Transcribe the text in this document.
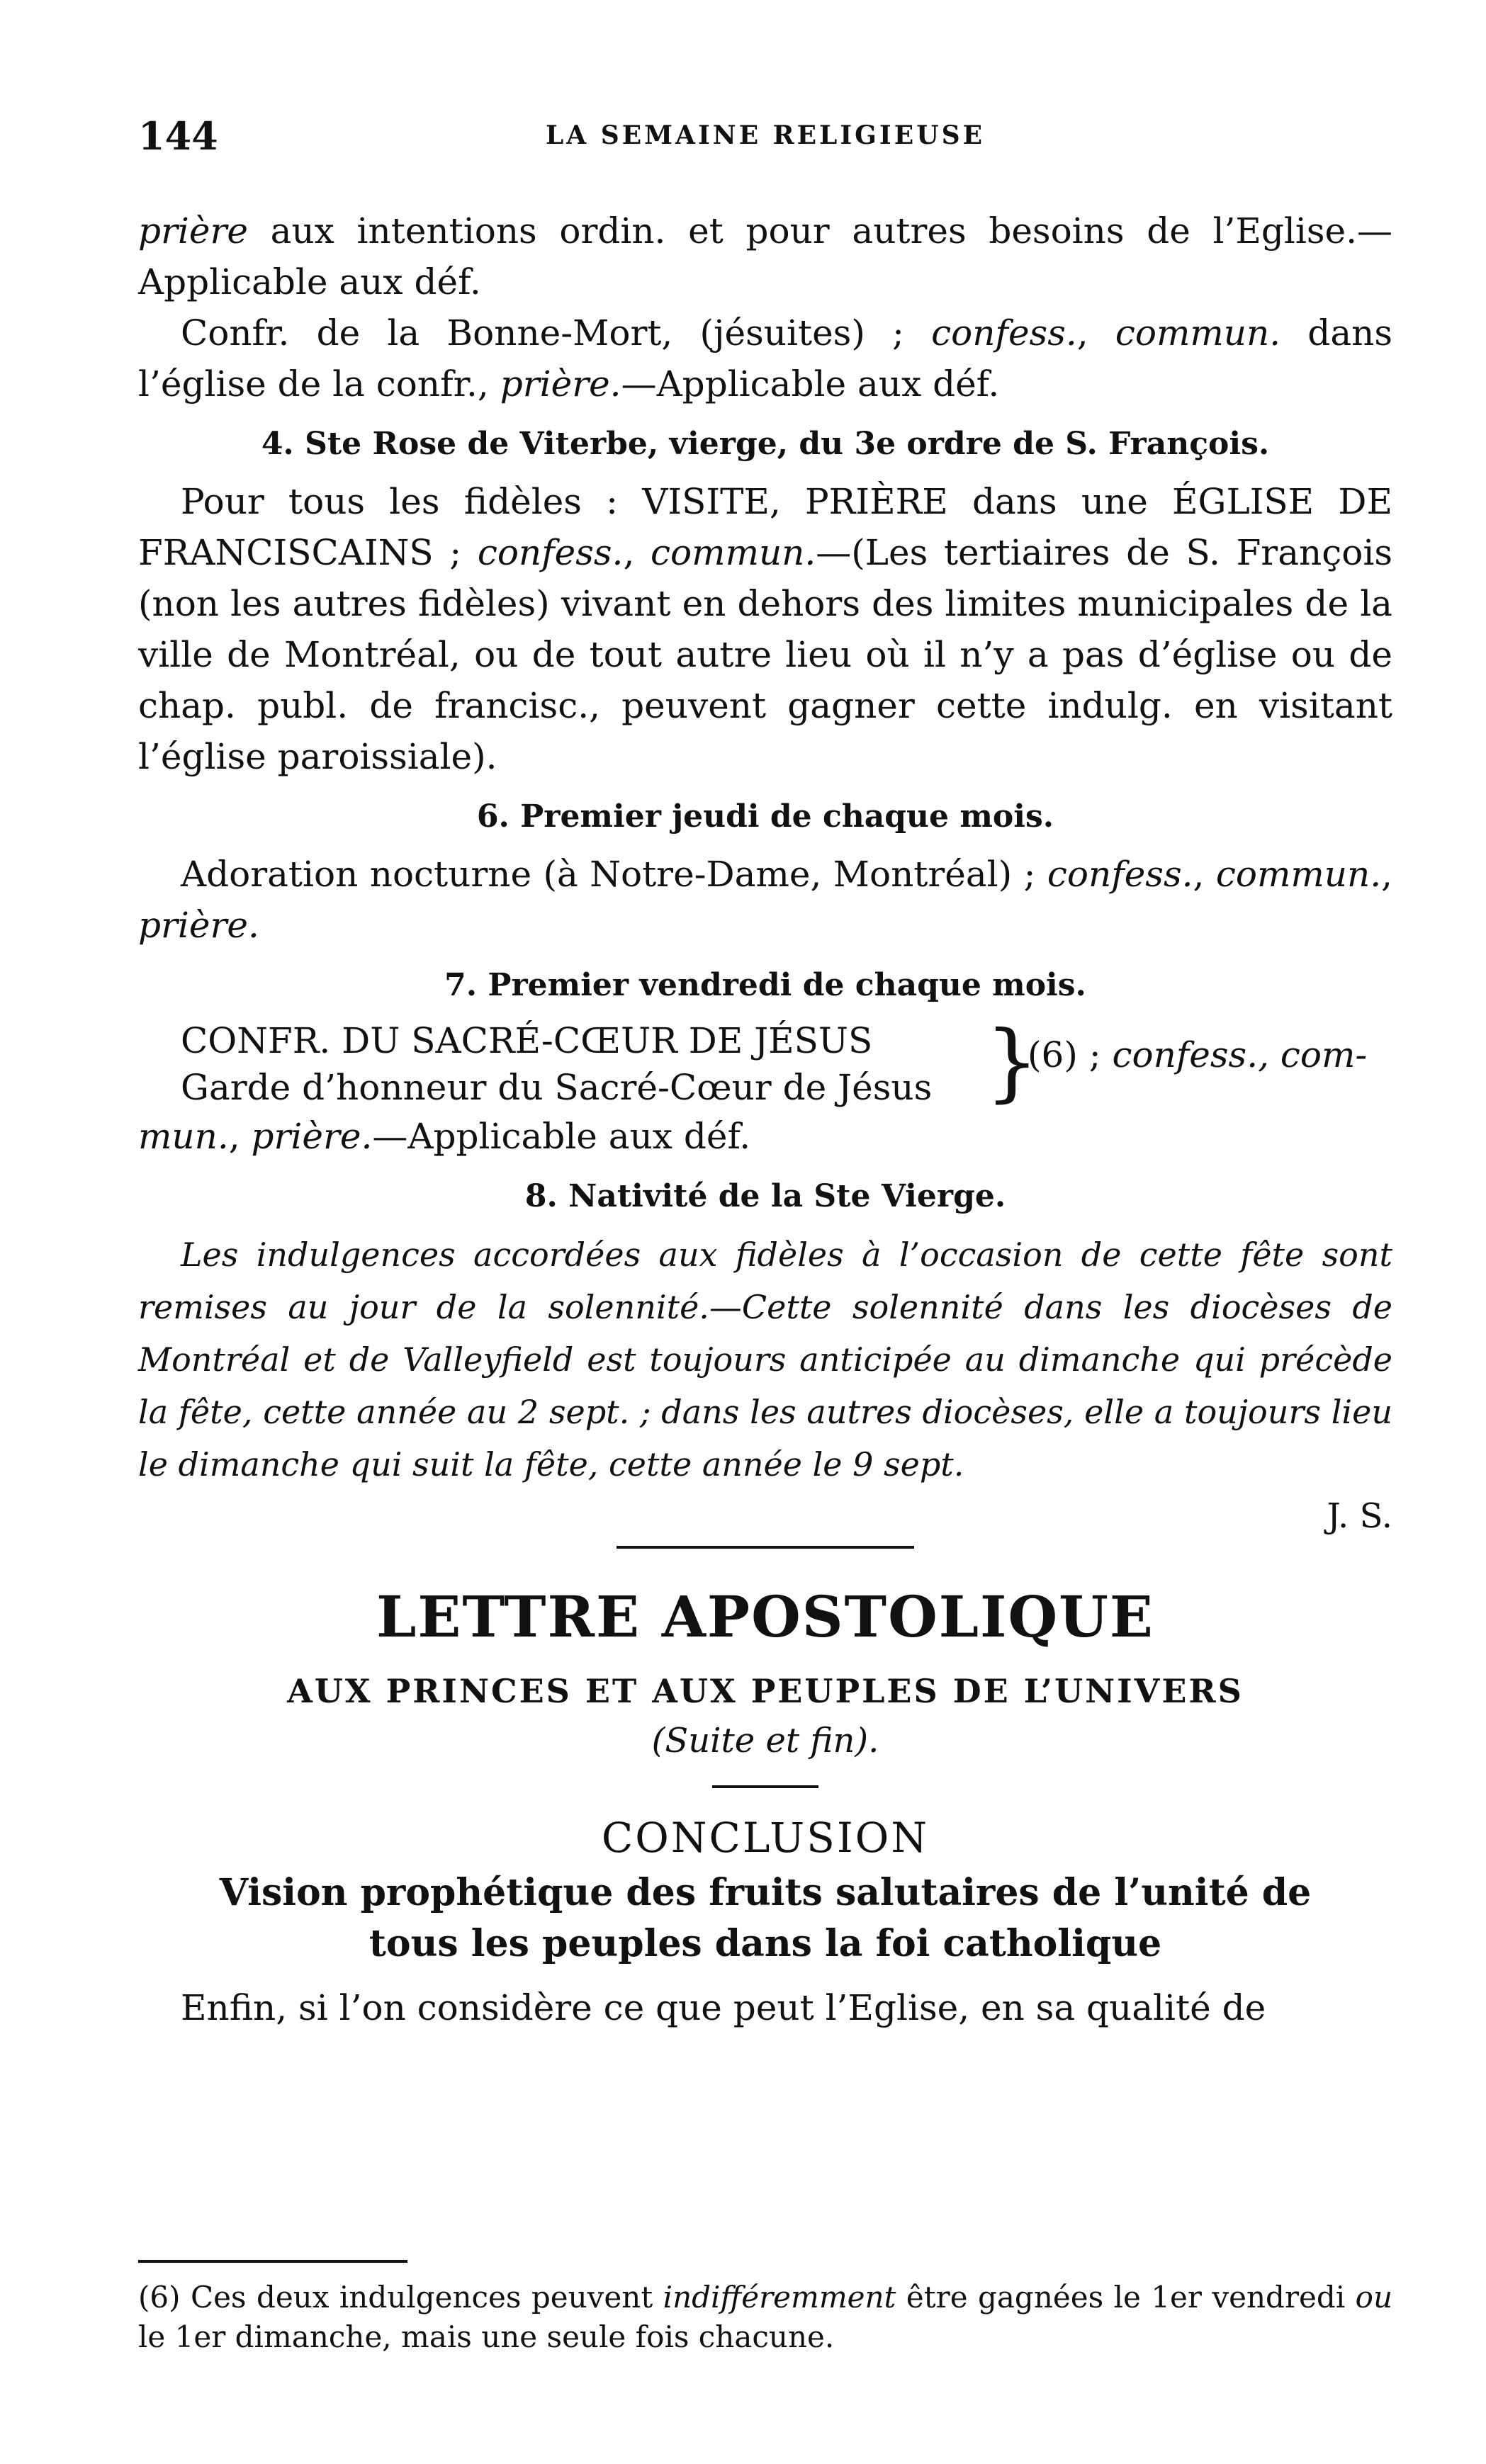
144	LA SEMAINE RELIGIEUSE

prière aux intentions ordin. et pour autres besoins de l’Eglise.— Applicable aux déf.

Confr. de la Bonne-Mort, (jésuites) ; confess., commun. dans l’église de la confr., prière.—Applicable aux déf.

4. Ste Rose de Viterbe, vierge, du 3e ordre de S. François.

Pour tous les fidèles : VISITE, PRIÈRE dans une ÉGLISE DE FRANCISCAINS ; confess., commun.—(Les tertiaires de S. François (non les autres fidèles) vivant en dehors des limites municipales de la ville de Montréal, ou de tout autre lieu où il n’y a pas d’église ou de chap. publ. de francisc., peuvent gagner cette indulg. en visitant l’église paroissiale).

6. Premier jeudi de chaque mois.

Adoration nocturne (à Notre-Dame, Montréal) ; confess., commun., prière.

7. Premier vendredi de chaque mois.

CONFR. DU SACRÉ-CŒUR DE JÉSUS
Garde d’honneur du Sacré-Cœur de Jésus }
(6) ; confess., com-

mun., prière.—Applicable aux déf.

8. Nativité de la Ste Vierge.

Les indulgences accordées aux fidèles à l’occasion de cette fête sont remises au jour de la solennité.—Cette solennité dans les diocèses de Montréal et de Valleyfield est toujours anticipée au dimanche qui précède la fête, cette année au 2 sept. ; dans les autres diocèses, elle a toujours lieu le dimanche qui suit la fête, cette année le 9 sept.

J. S.

LETTRE APOSTOLIQUE

AUX PRINCES ET AUX PEUPLES DE L’UNIVERS

(Suite et fin).

CONCLUSION

Vision prophétique des fruits salutaires de l’unité de

tous les peuples dans la foi catholique

Enfin, si l’on considère ce que peut l’Eglise, en sa qualité de

(6) Ces deux indulgences peuvent indifféremment être gagnées le 1er vendredi ou le 1er dimanche, mais une seule fois chacune.
